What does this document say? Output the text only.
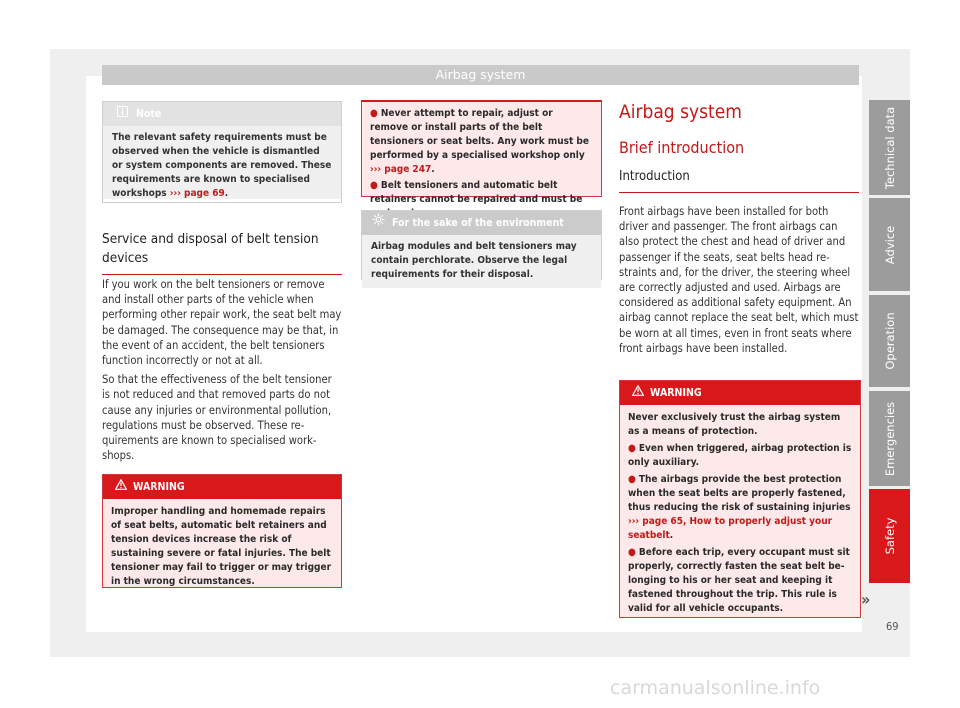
Airbag system
Note
The relevant safety requirements must be observed when the vehicle is dismantled or system components are removed. These requirements are known to specialised workshops ››› page 69.
Service and disposal of belt tension devices

If you work on the belt tensioners or remove and install other parts of the vehicle when performing other repair work, the seat belt may be damaged. The consequence may be that, in the event of an accident, the belt tensioners function incorrectly or not at all.

So that the effectiveness of the belt tensioner is not reduced and that removed parts do not cause any injuries or environmental pollution, regulations must be observed. These requirements are known to specialised workshops.

WARNING
Improper handling and homemade repairs of seat belts, automatic belt retainers and tension devices increase the risk of sustaining severe or fatal injuries. The belt tensioner may fail to trigger or may trigger in the wrong circumstances.
● Never attempt to repair, adjust or remove or install parts of the belt tensioners or seat belts. Any work must be performed by a specialised workshop only ››› page 247.
● Belt tensioners and automatic belt retainers cannot be repaired and must be
For the sake of the environment
Airbag modules and belt tensioners may contain perchlorate. Observe the legal requirements for their disposal.
Airbag system
Brief introduction
Introduction

Front airbags have been installed for both driver and passenger. The front airbags can also protect the chest and head of driver and passenger if the seats, seat belts head restraints and, for the driver, the steering wheel are correctly adjusted and used. Airbags are considered as additional safety equipment. An airbag cannot replace the seat belt, which must be worn at all times, even in front seats where front airbags have been installed.

WARNING
Never exclusively trust the airbag system as a means of protection.
● Even when triggered, airbag protection is only auxiliary.
● The airbags provide the best protection when the seat belts are properly fastened, thus reducing the risk of sustaining injuries ››› page 65, How to properly adjust your seatbelt.
● Before each trip, every occupant must sit properly, correctly fasten the seat belt belonging to his or her seat and keeping it fastened throughout the trip. This rule is valid for all vehicle occupants.	»
Technical data
Advice
Operation
Emergencies
Safety
69
carmanualsonline.info
